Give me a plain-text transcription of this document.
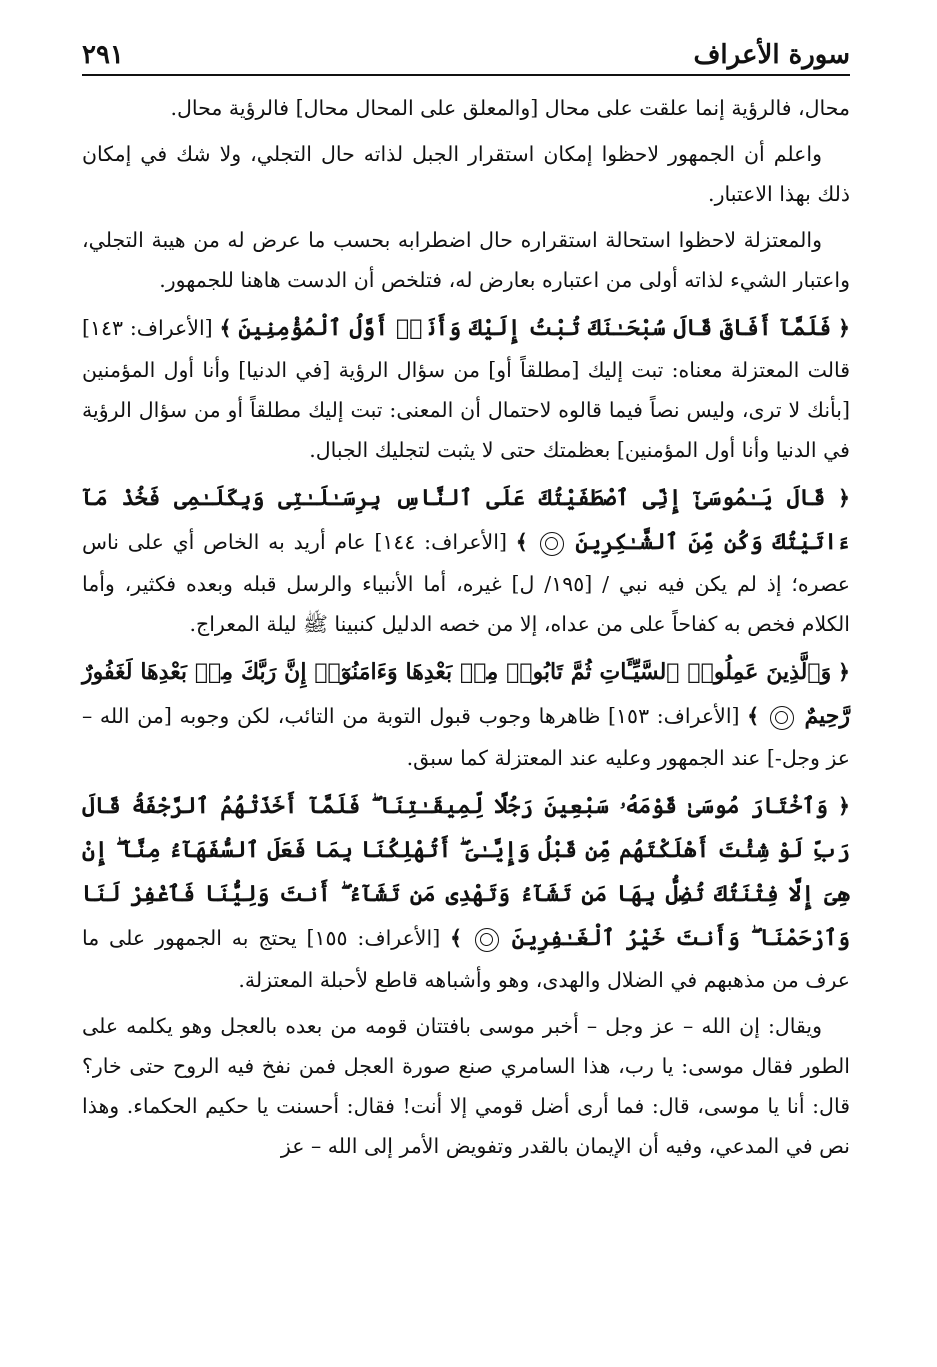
سورة الأعراف
٢٩١

محال، فالرؤية إنما علقت على محال [والمعلق على المحال محال] فالرؤية محال.

واعلم أن الجمهور لاحظوا إمكان استقرار الجبل لذاته حال التجلي، ولا شك في إمكان ذلك بهذا الاعتبار.

والمعتزلة لاحظوا استحالة استقراره حال اضطرابه بحسب ما عرض له من هيبة التجلي، واعتبار الشيء لذاته أولى من اعتباره بعارض له، فتلخص أن الدست هاهنا للجمهور.

﴿ فَلَمَّآ أَفَاقَ قَالَ سُبْحَـٰنَكَ تُبْتُ إِلَيْكَ وَأَنَا۠ أَوَّلُ ٱلْمُؤْمِنِينَ ﴾ [الأعراف: ١٤٣] قالت المعتزلة معناه: تبت إليك [مطلقاً أو] من سؤال الرؤية [في الدنيا] وأنا أول المؤمنين [بأنك لا ترى، وليس نصاً فيما قالوه لاحتمال أن المعنى: تبت إليك مطلقاً أو من سؤال الرؤية في الدنيا وأنا أول المؤمنين] بعظمتك حتى لا يثبت لتجليك الجبال.

﴿ قَالَ يَـٰمُوسَىٰٓ إِنِّى ٱصْطَفَيْتُكَ عَلَى ٱلنَّاسِ بِرِسَـٰلَـٰتِى وَبِكَلَـٰمِى فَخُذْ مَآ ءَاتَيْتُكَ وَكُن مِّنَ ٱلشَّـٰكِرِينَ  ﴾ [الأعراف: ١٤٤] عام أريد به الخاص أي على ناس عصره؛ إذ لم يكن فيه نبي / [١٩٥/ ل] غيره، أما الأنبياء والرسل قبله وبعده فكثير، وأما الكلام فخص به كفاحاً على من عداه، إلا من خصه الدليل كنبينا ﷺ ليلة المعراج.

﴿ وَٱلَّذِينَ عَمِلُوا۟ ٱلسَّيِّـَٔاتِ ثُمَّ تَابُوا۟ مِنۢ بَعْدِهَا وَءَامَنُوٓا۟ إِنَّ رَبَّكَ مِنۢ بَعْدِهَا لَغَفُورٌ رَّحِيمٌ  ﴾ [الأعراف: ١٥٣] ظاهرها وجوب قبول التوبة من التائب، لكن وجوبه [من الله – عز وجل-] عند الجمهور وعليه عند المعتزلة كما سبق.

﴿ وَٱخْتَارَ مُوسَىٰ قَوْمَهُۥ سَبْعِينَ رَجُلًا لِّمِيقَـٰتِنَا ۖ فَلَمَّآ أَخَذَتْهُمُ ٱلرَّجْفَةُ قَالَ رَبِّ لَوْ شِئْتَ أَهْلَكْتَهُم مِّن قَبْلُ وَإِيَّـٰىَ ۖ أَتُهْلِكُنَا بِمَا فَعَلَ ٱلسُّفَهَآءُ مِنَّآ ۖ إِنْ هِىَ إِلَّا فِتْنَتُكَ تُضِلُّ بِهَا مَن تَشَآءُ وَتَهْدِى مَن تَشَآءُ ۖ أَنتَ وَلِيُّنَا فَٱغْفِرْ لَنَا وَٱرْحَمْنَا ۖ وَأَنتَ خَيْرُ ٱلْغَـٰفِرِينَ  ﴾ [الأعراف: ١٥٥] يحتج به الجمهور على ما عرف من مذهبهم في الضلال والهدى، وهو وأشباهه قاطع لأحبلة المعتزلة.

ويقال: إن الله – عز وجل – أخبر موسى بافتتان قومه من بعده بالعجل وهو يكلمه على الطور فقال موسى: يا رب، هذا السامري صنع صورة العجل فمن نفخ فيه الروح حتى خار؟ قال: أنا يا موسى، قال: فما أرى أضل قومي إلا أنت! فقال: أحسنت يا حكيم الحكماء. وهذا نص في المدعي، وفيه أن الإيمان بالقدر وتفويض الأمر إلى الله – عز
